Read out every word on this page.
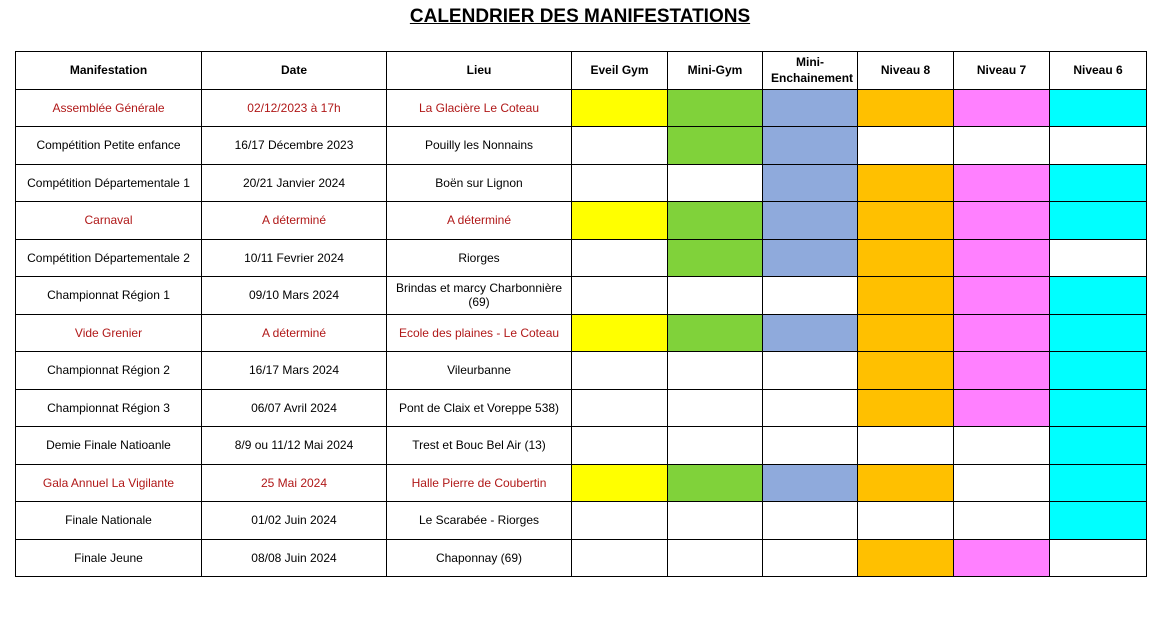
CALENDRIER DES MANIFESTATIONS
Manifestation	Date	Lieu	Eveil Gym	Mini-Gym	Mini-Enchainement	Niveau 8	Niveau 7	Niveau 6
Assemblée Générale	02/12/2023 à 17h	La Glacière Le Coteau						
Compétition Petite enfance	16/17 Décembre 2023	Pouilly les Nonnains						
Compétition Départementale 1	20/21 Janvier 2024	Boën sur Lignon						
Carnaval	A déterminé	A déterminé						
Compétition Départementale 2	10/11 Fevrier 2024	Riorges						
Championnat Région 1	09/10 Mars 2024	Brindas et marcy Charbonnière (69)						
Vide Grenier	A déterminé	Ecole des plaines - Le Coteau						
Championnat Région 2	16/17 Mars 2024	Vileurbanne						
Championnat Région 3	06/07 Avril 2024	Pont de Claix et Voreppe 538)						
Demie Finale Natioanle	8/9 ou 11/12 Mai 2024	Trest et Bouc Bel Air (13)						
Gala Annuel La Vigilante	25 Mai 2024	Halle Pierre de Coubertin						
Finale Nationale	01/02 Juin 2024	Le Scarabée - Riorges						
Finale Jeune	08/08 Juin 2024	Chaponnay (69)						
